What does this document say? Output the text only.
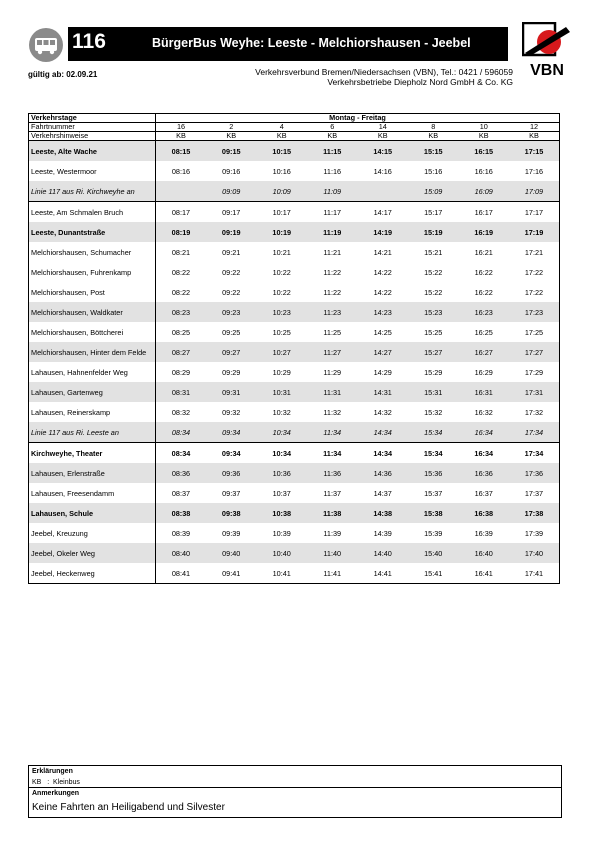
116	BürgerBus Weyhe: Leeste - Melchiorshausen - Jeebel
VBN
gültig ab: 02.09.21	Verkehrsverbund Bremen/Niedersachsen (VBN), Tel.: 0421 / 596059
Verkehrsbetriebe Diepholz Nord GmbH & Co. KG
Verkehrstage	Montag - Freitag							
Fahrtnummer	16	2	4	6	14	8	10	12
Verkehrshinweise	KB	KB	KB	KB	KB	KB	KB	KB
Leeste, Alte Wache	08:15	09:15	10:15	11:15	14:15	15:15	16:15	17:15
Leeste, Westermoor	08:16	09:16	10:16	11:16	14:16	15:16	16:16	17:16
Linie 117 aus Ri. Kirchweyhe an		09:09	10:09	11:09		15:09	16:09	17:09
Leeste, Am Schmalen Bruch	08:17	09:17	10:17	11:17	14:17	15:17	16:17	17:17
Leeste, Dunantstraße	08:19	09:19	10:19	11:19	14:19	15:19	16:19	17:19
Melchiorshausen, Schumacher	08:21	09:21	10:21	11:21	14:21	15:21	16:21	17:21
Melchiorshausen, Fuhrenkamp	08:22	09:22	10:22	11:22	14:22	15:22	16:22	17:22
Melchiorshausen, Post	08:22	09:22	10:22	11:22	14:22	15:22	16:22	17:22
Melchiorshausen, Waldkater	08:23	09:23	10:23	11:23	14:23	15:23	16:23	17:23
Melchiorshausen, Böttcherei	08:25	09:25	10:25	11:25	14:25	15:25	16:25	17:25
Melchiorshausen, Hinter dem Felde	08:27	09:27	10:27	11:27	14:27	15:27	16:27	17:27
Lahausen, Hahnenfelder Weg	08:29	09:29	10:29	11:29	14:29	15:29	16:29	17:29
Lahausen, Gartenweg	08:31	09:31	10:31	11:31	14:31	15:31	16:31	17:31
Lahausen, Reinerskamp	08:32	09:32	10:32	11:32	14:32	15:32	16:32	17:32
Linie 117 aus Ri. Leeste an	08:34	09:34	10:34	11:34	14:34	15:34	16:34	17:34
Kirchweyhe, Theater	08:34	09:34	10:34	11:34	14:34	15:34	16:34	17:34
Lahausen, Erlenstraße	08:36	09:36	10:36	11:36	14:36	15:36	16:36	17:36
Lahausen, Freesendamm	08:37	09:37	10:37	11:37	14:37	15:37	16:37	17:37
Lahausen, Schule	08:38	09:38	10:38	11:38	14:38	15:38	16:38	17:38
Jeebel, Kreuzung	08:39	09:39	10:39	11:39	14:39	15:39	16:39	17:39
Jeebel, Okeler Weg	08:40	09:40	10:40	11:40	14:40	15:40	16:40	17:40
Jeebel, Heckenweg	08:41	09:41	10:41	11:41	14:41	15:41	16:41	17:41
Erklärungen
KB : Kleinbus
Anmerkungen
Keine Fahrten an Heiligabend und Silvester
